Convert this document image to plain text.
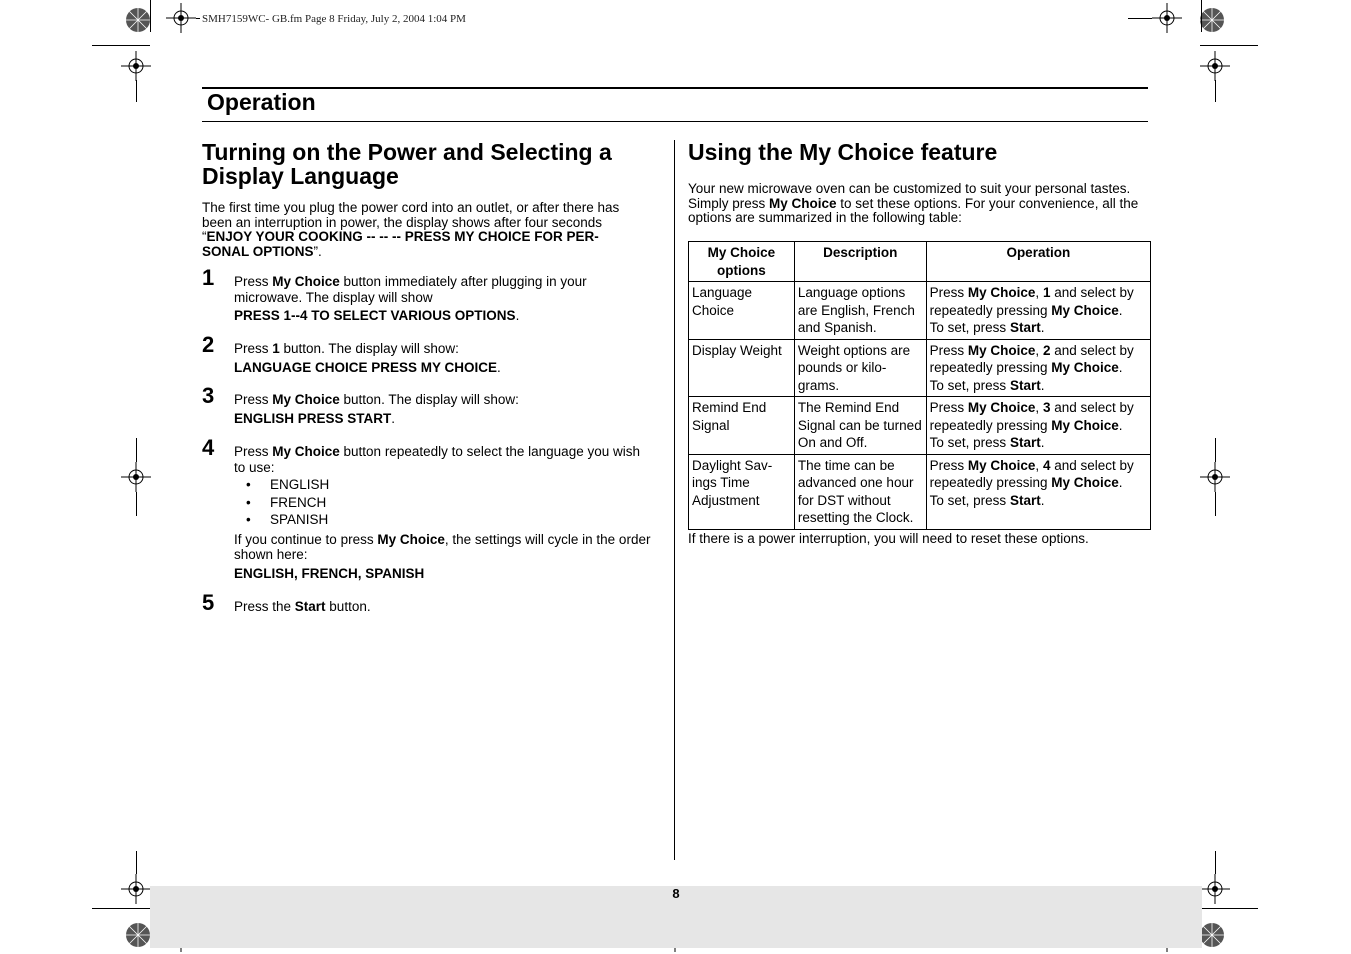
SMH7159WC- GB.fm Page 8 Friday, July 2, 2004 1:04 PM
Operation
Turning on the Power and Selecting a Display Language
The first time you plug the power cord into an outlet, or after there has been an interruption in power, the display shows after four seconds “ENJOY YOUR COOKING -- -- -- PRESS MY CHOICE FOR PER-SONAL OPTIONS”.
1 Press My Choice button immediately after plugging in your microwave. The display will show
PRESS 1--4 TO SELECT VARIOUS OPTIONS.
2 Press 1 button. The display will show:
LANGUAGE CHOICE PRESS MY CHOICE.
3 Press My Choice button. The display will show:
ENGLISH PRESS START.
4 Press My Choice button repeatedly to select the language you wish to use:
• ENGLISH
• FRENCH
• SPANISH
If you continue to press My Choice, the settings will cycle in the order shown here:
ENGLISH, FRENCH, SPANISH
5 Press the Start button.
Using the My Choice feature
Your new microwave oven can be customized to suit your personal tastes. Simply press My Choice to set these options. For your convenience, all the options are summarized in the following table:
My Choice options	Description	Operation
Language Choice	Language options are English, French and Spanish.	Press My Choice, 1 and select by repeatedly pressing My Choice.
To set, press Start.
Display Weight	Weight options are pounds or kilo-grams.	Press My Choice, 2 and select by repeatedly pressing My Choice.
To set, press Start.
Remind End Signal	The Remind End Signal can be turned On and Off.	Press My Choice, 3 and select by repeatedly pressing My Choice.
To set, press Start.
Daylight Sav-ings Time Adjustment	The time can be advanced one hour for DST without resetting the Clock.	Press My Choice, 4 and select by repeatedly pressing My Choice.
To set, press Start.
If there is a power interruption, you will need to reset these options.
8
